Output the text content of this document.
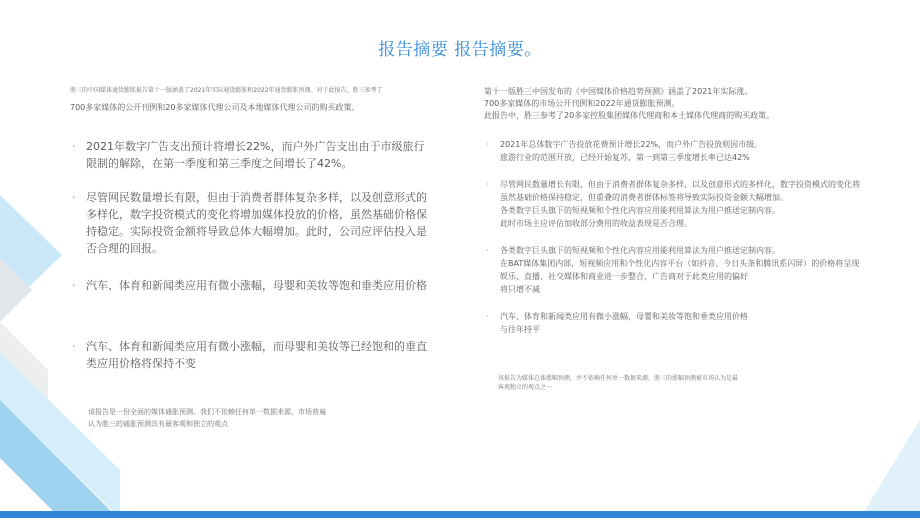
报告摘要 报告摘要。
胜三的中国媒体通货膨胀报告第十一版涵盖了2021年实际通货膨胀和2022年通货膨胀预测。对于此报告，胜三参考了
700多家媒体的公开刊例和20多家媒体代理公司及本地媒体代理公司的购买政策。
· 2021年数字广告支出预计将增长22%，而户外广告支出由于市级旅行限制的解除，在第一季度和第三季度之间增长了42%。
· 尽管网民数量增长有限，但由于消费者群体复杂多样，以及创意形式的多样化，数字投资模式的变化将增加媒体投放的价格，虽然基础价格保持稳定。实际投资金额将导致总体大幅增加。此时，公司应评估投入是否合理的回报。
· 汽车、体育和新闻类应用有微小涨幅，母婴和美妆等饱和垂类应用价格
· 汽车、体育和新闻类应用有微小涨幅，而母婴和美妆等已经饱和的垂直类应用价格将保持不变
该报告是一份全面的媒体通胀预测。我们不依赖任何单一数据来源，市场普遍
认为胜三的通胀预测具有最客观和独立的观点
第十一版胜三中国发布的《中国媒体价格趋势预测》涵盖了2021年实际涨。
700多家媒体的市场公开刊例和2022年通货膨胀预测。
此报告中，胜三参考了20多家控股集团媒体代理商和本土媒体代理商的购买政策。
· 2021年总体数字广告投放花费预计增长22%，而户外广告投放则因市级。
旅游行业的范围开放，已经开始复苏，第一到第三季度增长率已达42%
· 尽管网民数量增长有限，但由于消费者群体复杂多样，以及创意形式的多样化，数字投资模式的变化将
虽然基础价格保持稳定，但重叠的消费者群体标签将导致实际投资金额大幅增加。
各类数字巨头旗下的短视频和个性化内容应用能利用算法为用户推送定制内容。
此时市场主应评估加收部分费用的收益表现是否合理。
· 各类数字巨头旗下的短视频和个性化内容应用能利用算法为用户推送定制内容。
在BAT媒体集团内部，短视频应用和个性化内容平台（如抖音、今日头条和腾讯系闪屏）的价格将呈现
娱乐、直播、社交媒体和商业进一步整合，广告商对于此类应用的偏好
将只增不减
· 汽车、体育和新闻类应用有微小涨幅，母婴和美妆等饱和垂类应用价格
与往年持平
该报告为媒体总体涨幅预测，并不依赖任何单一数据来源，胜三的涨幅预测被市场认为是最
客观独立的观点之一
